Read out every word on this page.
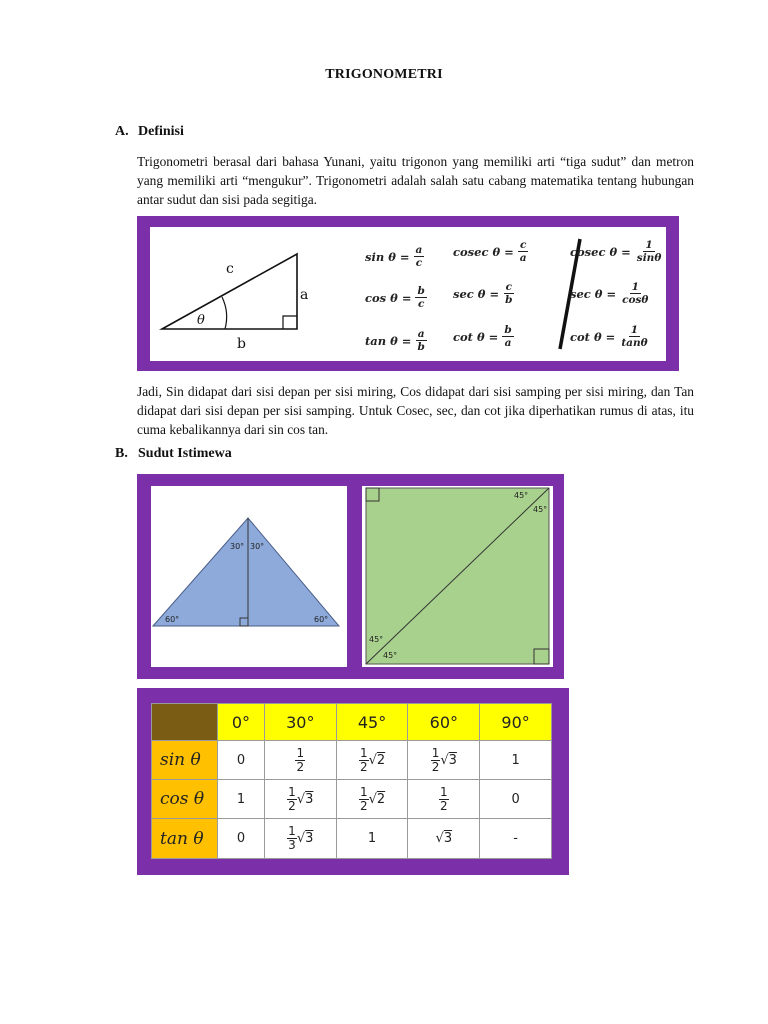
TRIGONOMETRI
A. Definisi
Trigonometri berasal dari bahasa Yunani, yaitu trigonon yang memiliki arti “tiga sudut” dan metron yang memiliki arti “mengukur”. Trigonometri adalah salah satu cabang matematika tentang hubungan antar sudut dan sisi pada segitiga.
c
a
b
θ
$\sin \theta = \frac{a}{c}$
$\cos \theta = \frac{b}{c}$
$\tan \theta = \frac{a}{b}$
cosec $\theta = \frac{c}{a}$
$\sec \theta = \frac{c}{b}$
$\cot \theta = \frac{b}{a}$
cosec $\theta = \frac{1}{\sin\theta}$
$\sec \theta = \frac{1}{\cos\theta}$
$\cot \theta = \frac{1}{\tan\theta}$
Jadi, Sin didapat dari sisi depan per sisi miring, Cos didapat dari sisi samping per sisi miring, dan Tan didapat dari sisi depan per sisi samping. Untuk Cosec, sec, dan cot jika diperhatikan rumus di atas, itu cuma kebalikannya dari sin cos tan.
B. Sudut Istimewa
30° 30°
60°	60°
45°
45°
45°
45°
	0°	30°	45°	60°	90°
sin θ	0	$\frac{1}{2}$	$\frac{1}{2} √2$	$\frac{1}{2} √3$	1
cos θ	1	$\frac{1}{2} √3$	$\frac{1}{2} √2$	$\frac{1}{2}$	0
tan θ	0	$\frac{1}{3} √3$	1	√3	-
